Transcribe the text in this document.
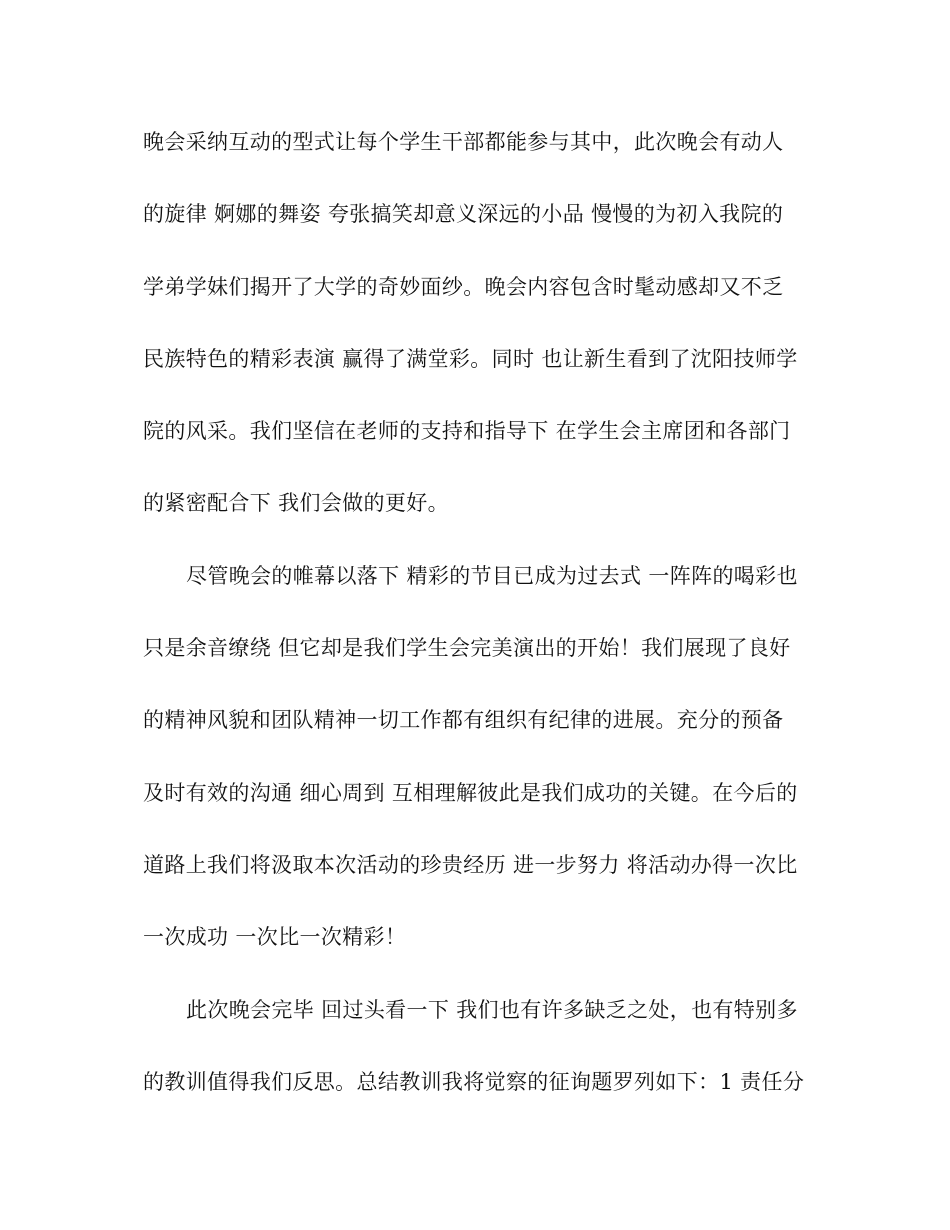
晚会采纳互动的型式让每个学生干部都能参与其中，此次晚会有动人
的旋律 婀娜的舞姿 夸张搞笑却意义深远的小品 慢慢的为初入我院的
学弟学妹们揭开了大学的奇妙面纱。晚会内容包含时髦动感却又不乏
民族特色的精彩表演 赢得了满堂彩。同时 也让新生看到了沈阳技师学
院的风采。我们坚信在老师的支持和指导下 在学生会主席团和各部门
的紧密配合下 我们会做的更好。
尽管晚会的帷幕以落下 精彩的节目已成为过去式 一阵阵的喝彩也
只是余音缭绕 但它却是我们学生会完美演出的开始！我们展现了良好
的精神风貌和团队精神一切工作都有组织有纪律的进展。充分的预备
及时有效的沟通 细心周到 互相理解彼此是我们成功的关键。在今后的
道路上我们将汲取本次活动的珍贵经历 进一步努力 将活动办得一次比
一次成功 一次比一次精彩！
此次晚会完毕 回过头看一下 我们也有许多缺乏之处，也有特别多
的教训值得我们反思。总结教训我将觉察的征询题罗列如下：1 责任分
